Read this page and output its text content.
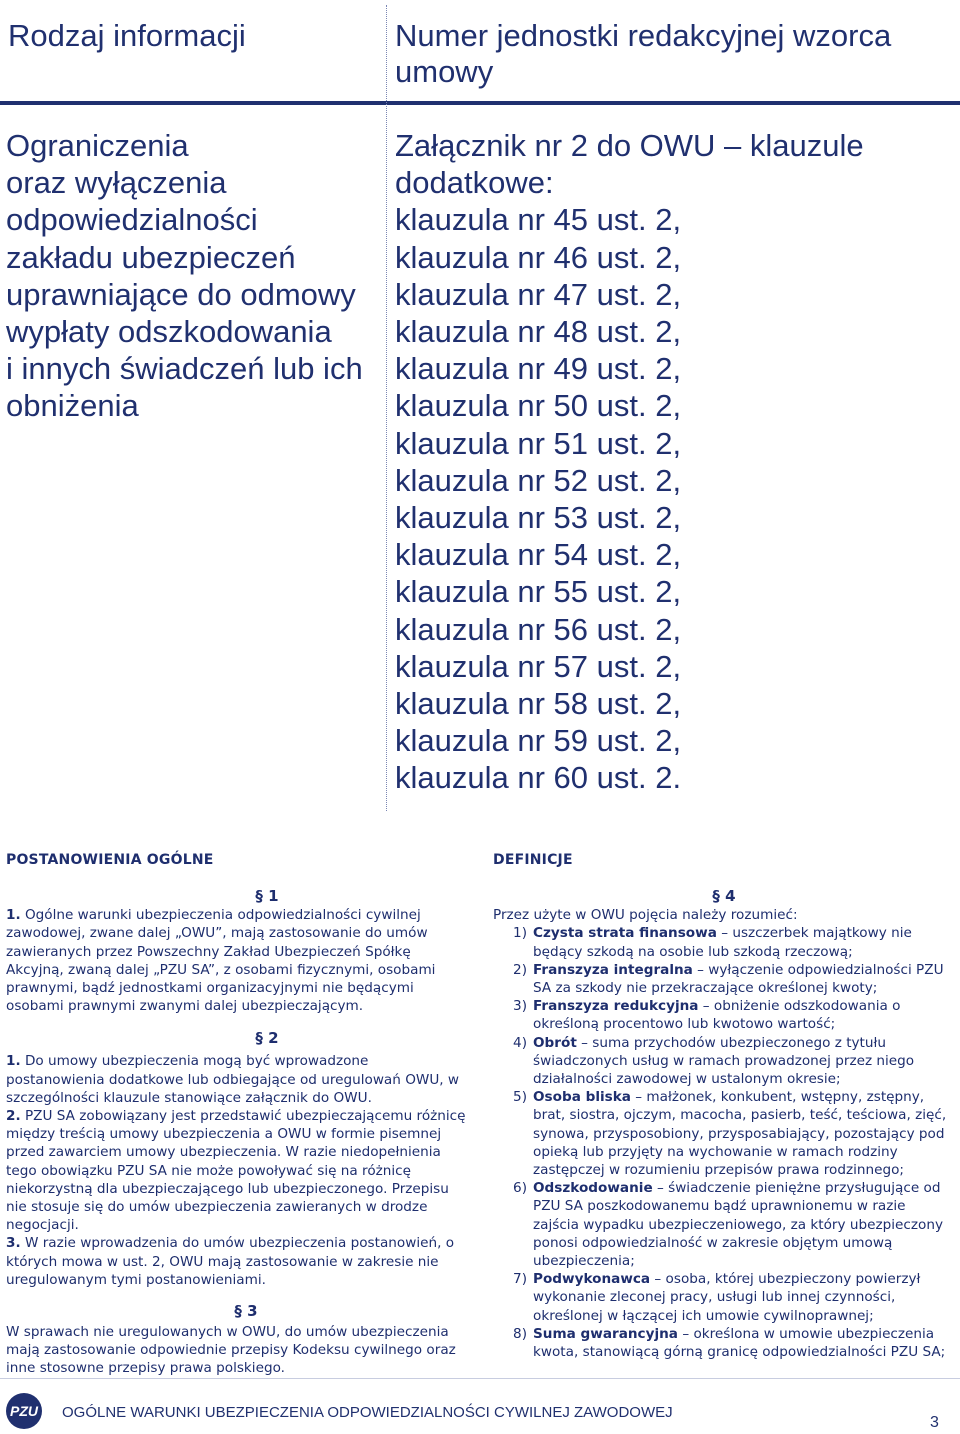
Rodzaj informacji	Numer jednostki redakcyjnej wzorca
umowy
Ograniczenia
oraz wyłączenia
odpowiedzialności
zakładu ubezpieczeń
uprawniające do odmowy
wypłaty odszkodowania
i innych świadczeń lub ich
obniżenia
Załącznik nr 2 do OWU – klauzule
dodatkowe:
klauzula nr 45 ust. 2,
klauzula nr 46 ust. 2,
klauzula nr 47 ust. 2,
klauzula nr 48 ust. 2,
klauzula nr 49 ust. 2,
klauzula nr 50 ust. 2,
klauzula nr 51 ust. 2,
klauzula nr 52 ust. 2,
klauzula nr 53 ust. 2,
klauzula nr 54 ust. 2,
klauzula nr 55 ust. 2,
klauzula nr 56 ust. 2,
klauzula nr 57 ust. 2,
klauzula nr 58 ust. 2,
klauzula nr 59 ust. 2,
klauzula nr 60 ust. 2.
POSTANOWIENIA OGÓLNE
§ 1

1. Ogólne warunki ubezpieczenia odpowiedzialności cywilnej zawodowej, zwane dalej „OWU”, mają zastosowanie do umów zawieranych przez Powszechny Zakład Ubezpieczeń Spółkę Akcyjną, zwaną dalej „PZU SA”, z osobami fizycznymi, osobami prawnymi, bądź jednostkami organizacyjnymi nie będącymi osobami prawnymi zwanymi dalej ubezpieczającym.

§ 2

1. Do umowy ubezpieczenia mogą być wprowadzone postanowienia dodatkowe lub odbiegające od uregulowań OWU, w szczególności klauzule stanowiące załącznik do OWU.

2. PZU SA zobowiązany jest przedstawić ubezpieczającemu różnicę między treścią umowy ubezpieczenia a OWU w formie pisemnej przed zawarciem umowy ubezpieczenia. W razie niedopełnienia tego obowiązku PZU SA nie może powoływać się na różnicę niekorzystną dla ubezpieczającego lub ubezpieczonego. Przepisu nie stosuje się do umów ubezpieczenia zawieranych w drodze negocjacji.

3. W razie wprowadzenia do umów ubezpieczenia postanowień, o których mowa w ust. 2, OWU mają zastosowanie w zakresie nie uregulowanym tymi postanowieniami.

§ 3

W sprawach nie uregulowanych w OWU, do umów ubezpieczenia mają zastosowanie odpowiednie przepisy Kodeksu cywilnego oraz inne stosowne przepisy prawa polskiego.

DEFINICJE
§ 4

Przez użyte w OWU pojęcia należy rozumieć:

1) Czysta strata finansowa – uszczerbek majątkowy nie będący szkodą na osobie lub szkodą rzeczową;
2) Franszyza integralna – wyłączenie odpowiedzialności PZU SA za szkody nie przekraczające określonej kwoty;
3) Franszyza redukcyjna – obniżenie odszkodowania o określoną procentowo lub kwotowo wartość;
4) Obrót – suma przychodów ubezpieczonego z tytułu świadczonych usług w ramach prowadzonej przez niego działalności zawodowej w ustalonym okresie;
5) Osoba bliska – małżonek, konkubent, wstępny, zstępny, brat, siostra, ojczym, macocha, pasierb, teść, teściowa, zięć, synowa, przysposobiony, przysposabiający, pozostający pod opieką lub przyjęty na wychowanie w ramach rodziny zastępczej w rozumieniu przepisów prawa rodzinnego;
6) Odszkodowanie – świadczenie pieniężne przysługujące od PZU SA poszkodowanemu bądź uprawnionemu w razie zajścia wypadku ubezpieczeniowego, za który ubezpieczony ponosi odpowiedzialność w zakresie objętym umową ubezpieczenia;
7) Podwykonawca – osoba, której ubezpieczony powierzył wykonanie zleconej pracy, usługi lub innej czynności, określonej w łączącej ich umowie cywilnoprawnej;
8) Suma gwarancyjna – określona w umowie ubezpieczenia kwota, stanowiącą górną granicę odpowiedzialności PZU SA;
PZU OGÓLNE WARUNKI UBEZPIECZENIA ODPOWIEDZIALNOŚCI CYWILNEJ ZAWODOWEJ
3
